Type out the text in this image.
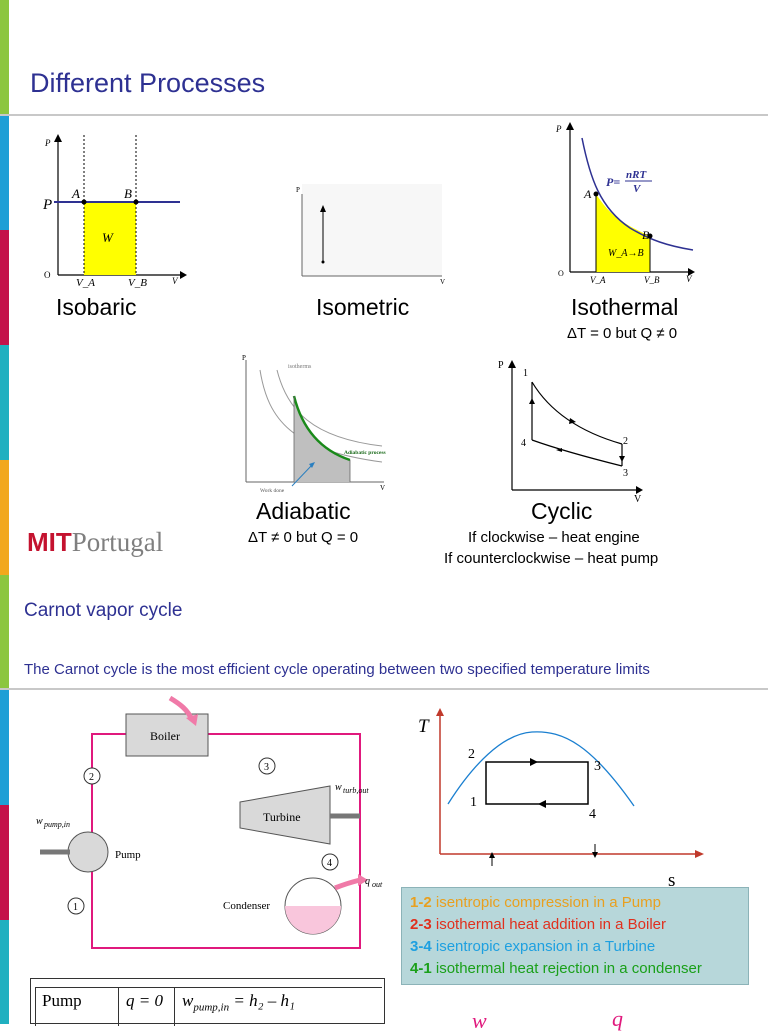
Different Processes
P
V
P
A	B
W
O
V_A	V_B
Isobaric
P
V
Isometric
P
V
P= nRT
V
A
B
W_A→B
O
V_A	V_B
Isothermal
ΔT = 0 but Q ≠ 0
P
V
isotherms
Adiabatic process
Work done
Adiabatic
ΔT ≠ 0 but Q = 0
P
V
1
2
3
4
Cyclic
If clockwise – heat engine
If counterclockwise – heat pump
MITPortugal
Carnot vapor cycle
The Carnot cycle is the most efficient cycle operating between two specified temperature limits
Boiler
Turbine
w turb,out
Pump
w pump,in
Condenser
q out
2
3
4
1
T
s
2
3
1
4
1-2 isentropic compression in a Pump
2-3 isothermal heat addition in a Boiler
3-4 isentropic expansion in a Turbine
4-1 isothermal heat rejection in a condenser
Pump	q = 0 $w_{pump,in} = h_2 - h_1$
w	q
